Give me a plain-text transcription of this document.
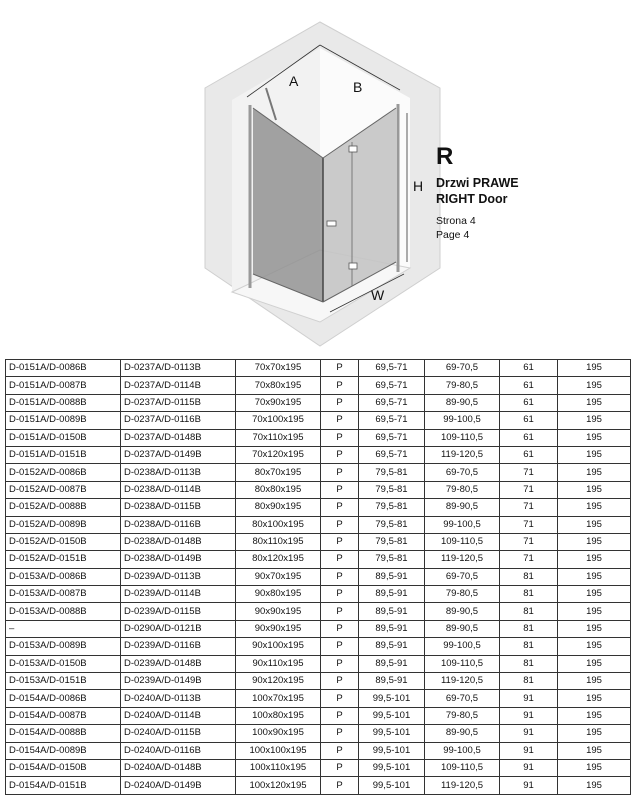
A	B
H
W
R
Drzwi PRAWE
RIGHT Door
Strona 4
Page 4
D-0151A/D-0086B	D-0237A/D-0113B	70x70x195	P	69,5-71	69-70,5	61	195
D-0151A/D-0087B	D-0237A/D-0114B	70x80x195	P	69,5-71	79-80,5	61	195
D-0151A/D-0088B	D-0237A/D-0115B	70x90x195	P	69,5-71	89-90,5	61	195
D-0151A/D-0089B	D-0237A/D-0116B	70x100x195	P	69,5-71	99-100,5	61	195
D-0151A/D-0150B	D-0237A/D-0148B	70x110x195	P	69,5-71	109-110,5	61	195
D-0151A/D-0151B	D-0237A/D-0149B	70x120x195	P	69,5-71	119-120,5	61	195
D-0152A/D-0086B	D-0238A/D-0113B	80x70x195	P	79,5-81	69-70,5	71	195
D-0152A/D-0087B	D-0238A/D-0114B	80x80x195	P	79,5-81	79-80,5	71	195
D-0152A/D-0088B	D-0238A/D-0115B	80x90x195	P	79,5-81	89-90,5	71	195
D-0152A/D-0089B	D-0238A/D-0116B	80x100x195	P	79,5-81	99-100,5	71	195
D-0152A/D-0150B	D-0238A/D-0148B	80x110x195	P	79,5-81	109-110,5	71	195
D-0152A/D-0151B	D-0238A/D-0149B	80x120x195	P	79,5-81	119-120,5	71	195
D-0153A/D-0086B	D-0239A/D-0113B	90x70x195	P	89,5-91	69-70,5	81	195
D-0153A/D-0087B	D-0239A/D-0114B	90x80x195	P	89,5-91	79-80,5	81	195
D-0153A/D-0088B	D-0239A/D-0115B	90x90x195	P	89,5-91	89-90,5	81	195
–	D-0290A/D-0121B	90x90x195	P	89,5-91	89-90,5	81	195
D-0153A/D-0089B	D-0239A/D-0116B	90x100x195	P	89,5-91	99-100,5	81	195
D-0153A/D-0150B	D-0239A/D-0148B	90x110x195	P	89,5-91	109-110,5	81	195
D-0153A/D-0151B	D-0239A/D-0149B	90x120x195	P	89,5-91	119-120,5	81	195
D-0154A/D-0086B	D-0240A/D-0113B	100x70x195	P	99,5-101	69-70,5	91	195
D-0154A/D-0087B	D-0240A/D-0114B	100x80x195	P	99,5-101	79-80,5	91	195
D-0154A/D-0088B	D-0240A/D-0115B	100x90x195	P	99,5-101	89-90,5	91	195
D-0154A/D-0089B	D-0240A/D-0116B	100x100x195	P	99,5-101	99-100,5	91	195
D-0154A/D-0150B	D-0240A/D-0148B	100x110x195	P	99,5-101	109-110,5	91	195
D-0154A/D-0151B	D-0240A/D-0149B	100x120x195	P	99,5-101	119-120,5	91	195
